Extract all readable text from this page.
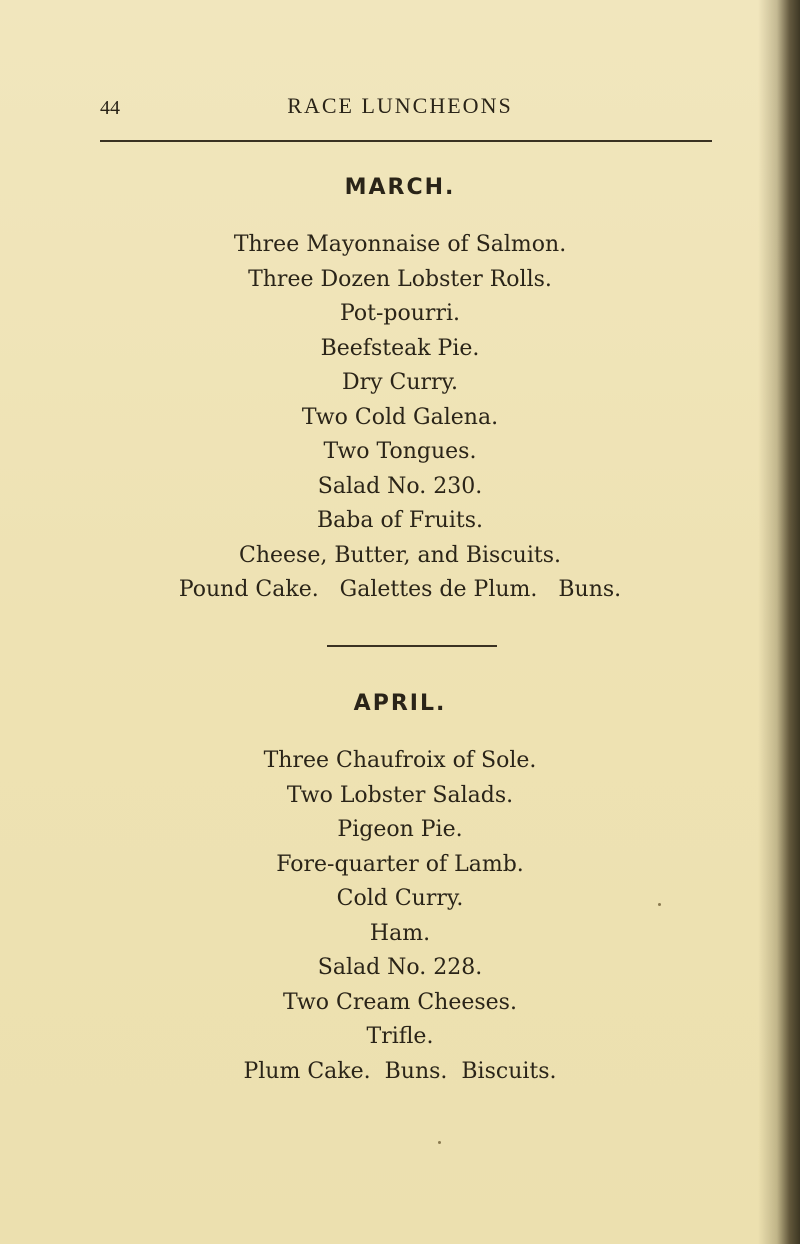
44	RACE LUNCHEONS
MARCH.
Three Mayonnaise of Salmon.
Three Dozen Lobster Rolls.
Pot-pourri.
Beefsteak Pie.
Dry Curry.
Two Cold Galena.
Two Tongues.
Salad No. 230.
Baba of Fruits.
Cheese, Butter, and Biscuits.
Pound Cake.   Galettes de Plum.   Buns.
APRIL.
Three Chaufroix of Sole.
Two Lobster Salads.
Pigeon Pie.
Fore-quarter of Lamb.
Cold Curry.
Ham.
Salad No. 228.
Two Cream Cheeses.
Trifle.
Plum Cake.  Buns.  Biscuits.
